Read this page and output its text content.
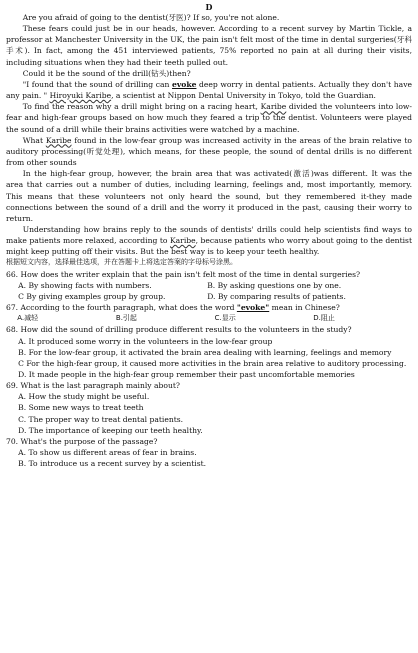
D

Are you afraid of going to the dentist(牙医)? If so, you're not alone.

These fears could just be in our heads, however. According to a recent survey by Martin Tickle, a professor at Manchester University in the UK, the pain isn't felt most of the time in dental surgeries(牙科手术). In fact, among the 451 interviewed patients, 75% reported no pain at all during their visits, including situations when they had their teeth pulled out.

Could it be the sound of the drill(钻头)then?

"I found that the sound of drilling can evoke deep worry in dental patients. Actually they don't have any pain. " Hiroyuki Karibe, a scientist at Nippon Dental University in Tokyo, told the Guardian.

To find the reason why a drill might bring on a racing heart, Karibe divided the volunteers into low-fear and high-fear groups based on how much they feared a trip to the dentist. Volunteers were played the sound of a drill while their brains activities were watched by a machine.

What Karibe found in the low-fear group was increased activity in the areas of the brain relative to auditory processing(听觉处理), which means, for these people, the sound of dental drills is no different from other sounds

In the high-fear group, however, the brain area that was activated(激活)was different. It was the area that carries out a number of duties, including learning, feelings and, most importantly, memory. This means that these volunteers not only heard the sound, but they remembered it-they made connections between the sound of a drill and the worry it produced in the past, causing their worry to return.

Understanding how brains reply to the sounds of dentists' drills could help scientists find ways to make patients more relaxed, according to Karibe, because patients who worry about going to the dentist might keep putting off their visits. But the best way is to keep your teeth healthy.

根据短文内容，选择最佳选项，并在答题卡上将选定答案的字母标号涂黑。

66. How does the writer explain that the pain isn't felt most of the time in dental surgeries?

A. By showing facts with numbers.	B. By asking questions one by one.
C By giving examples group by group.	D. By comparing results of patients.

67. According to the fourth paragraph, what does the word "evoke" mean in Chinese?

A.减轻	B.引起	C.显示	D.阻止

68. How did the sound of drilling produce different results to the volunteers in the study?

A. It produced some worry in the volunteers in the low-fear group

B. For the low-fear group, it activated the brain area dealing with learning, feelings and memory

C For the high-fear group, it caused more activities in the brain area relative to auditory processing.

D. It made people in the high-fear group remember their past uncomfortable memories

69. What is the last paragraph mainly about?

A. How the study might be useful.

B. Some new ways to treat teeth

C. The proper way to treat dental patients.

D. The importance of keeping our teeth healthy.

70. What's the purpose of the passage?

A. To show us different areas of fear in brains.

B. To introduce us a recent survey by a scientist.
